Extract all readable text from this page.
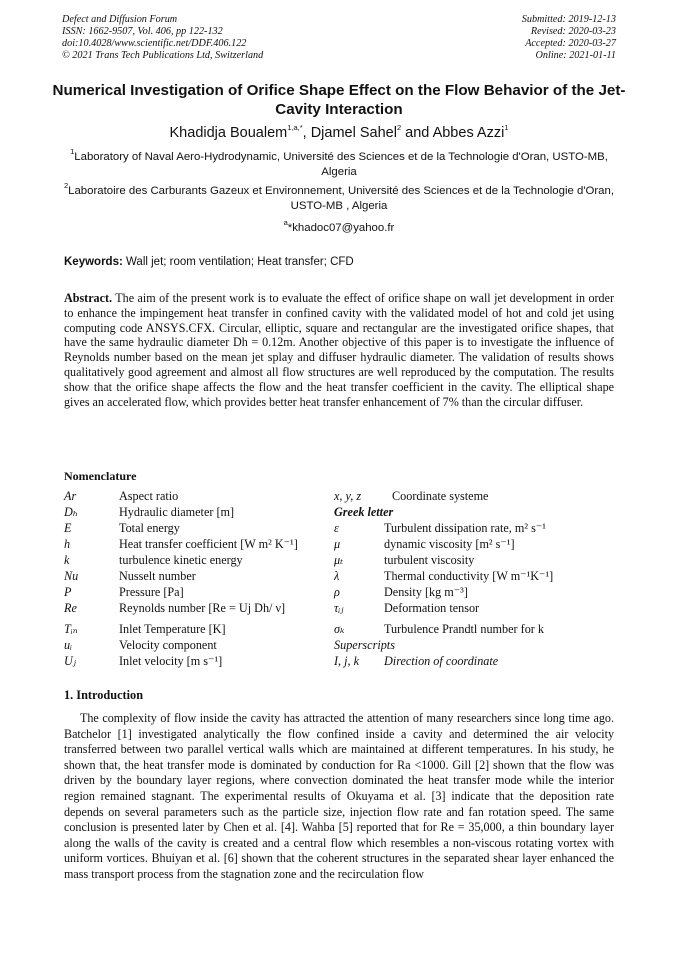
Defect and Diffusion Forum
ISSN: 1662-9507, Vol. 406, pp 122-132
doi:10.4028/www.scientific.net/DDF.406.122
© 2021 Trans Tech Publications Ltd, Switzerland
Submitted: 2019-12-13
Revised: 2020-03-23
Accepted: 2020-03-27
Online: 2021-01-11
Numerical Investigation of Orifice Shape Effect on the Flow Behavior of the Jet-Cavity Interaction
Khadidja Boualem$^{1,a,*}$, Djamel Sahel$^2$ and Abbes Azzi$^1$
$^1$Laboratory of Naval Aero-Hydrodynamic, Université des Sciences et de la Technologie d'Oran, USTO-MB, Algeria
$^2$Laboratoire des Carburants Gazeux et Environnement, Université des Sciences et de la Technologie d'Oran, USTO-MB , Algeria
$^a$*khadoc07@yahoo.fr
Keywords: Wall jet; room ventilation; Heat transfer; CFD
Abstract. The aim of the present work is to evaluate the effect of orifice shape on wall jet development in order to enhance the impingement heat transfer in confined cavity with the validated model of hot and cold jet using computing code ANSYS.CFX. Circular, elliptic, square and rectangular are the investigated orifice shapes, that have the same hydraulic diameter Dh = 0.12m. Another objective of this paper is to investigate the influence of Reynolds number based on the mean jet splay and diffuser hydraulic diameter. The validation of results shows qualitatively good agreement and almost all flow structures are well reproduced by the computation. The results show that the orifice shape affects the flow and the heat transfer coefficient in the cavity. The elliptical shape gives an accelerated flow, which provides better heat transfer enhancement of 7% than the circular diffuser.
Nomenclature
Ar	Aspect ratio
Dₕ	Hydraulic diameter [m]
E	Total energy
h	Heat transfer coefficient [W m² K⁻¹]
k	turbulence kinetic energy
Nu	Nusselt number
P	Pressure [Pa]
Re	Reynolds number [Re = Uj Dh/ ν]
Tᵢₙ	Inlet Temperature [K]
uᵢ	Velocity component
Uⱼ	Inlet velocity [m s⁻¹]
x, y, z	Coordinate systeme
Greek letter
ε	Turbulent dissipation rate, m² s⁻¹
μ	dynamic viscosity [m² s⁻¹]
μₜ	turbulent viscosity
λ	Thermal conductivity [W m⁻¹K⁻¹]
ρ	Density [kg m⁻³]
τᵢⱼ	Deformation tensor
σₖ	Turbulence Prandtl number for k
Superscripts
I, j, k Direction of coordinate
1. Introduction
The complexity of flow inside the cavity has attracted the attention of many researchers since long time ago. Batchelor [1] investigated analytically the flow confined inside a cavity and determined the air velocity transferred between two parallel vertical walls which are maintained at different temperatures. In his study, he shown that, the heat transfer mode is dominated by conduction for Ra <1000. Gill [2] shown that the flow was driven by the boundary layer regions, where convection dominated the heat transfer mode while the interior region remained stagnant. The experimental results of Okuyama et al. [3] indicate that the deposition rate depends on several parameters such as the particle size, injection flow rate and fan rotation speed. The same conclusion is presented later by Chen et al. [4]. Wahba [5] reported that for Re = 35,000, a thin boundary layer along the walls of the cavity is created and a central flow which resembles a non-viscous rotating vortex with uniform vortices. Bhuiyan et al. [6] shown that the coherent structures in the separated shear layer enhanced the mass transport process from the stagnation zone and the recirculation flow
